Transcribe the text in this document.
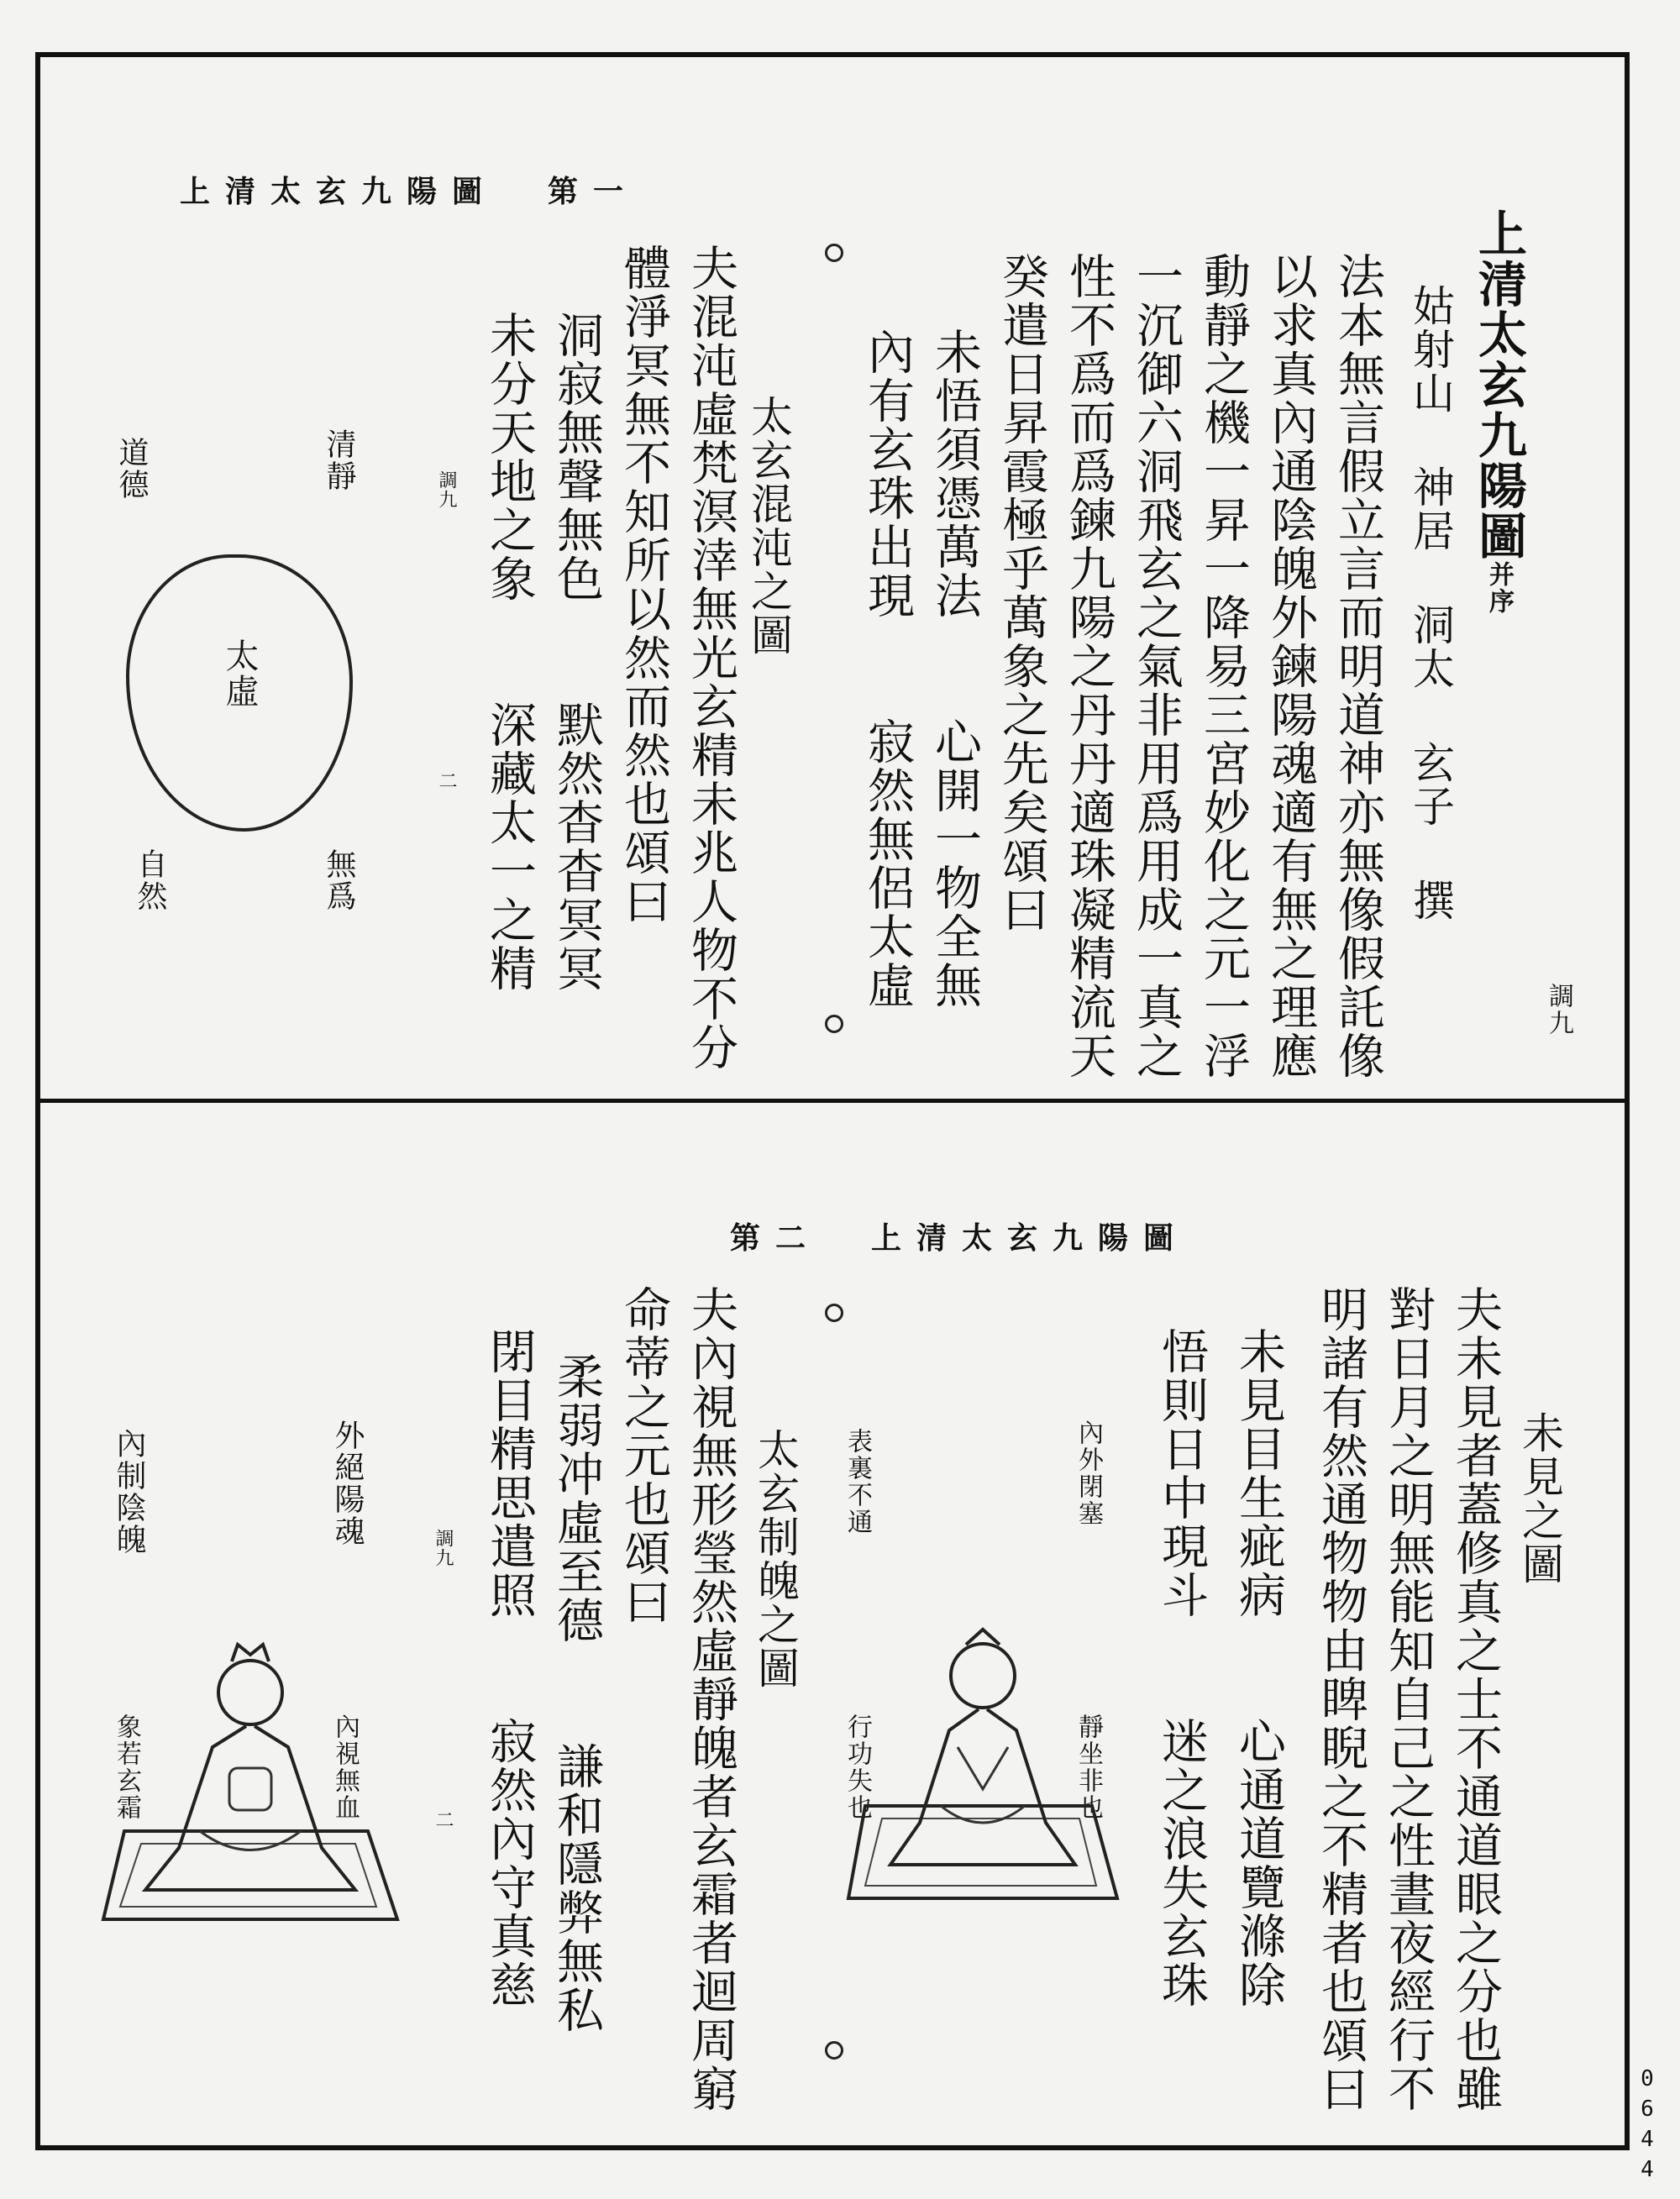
上清太玄九陽圖 第一
上清太玄九陽圖并序
姑射山 神居 洞太 玄子 撰
調九
法本無言假立言而明道神亦無像假託像
以求真內通陰魄外鍊陽魂適有無之理應
動靜之機一昇一降易三宮妙化之元一浮
一沉御六洞飛玄之氣非用爲用成一真之
性不爲而爲鍊九陽之丹丹適珠凝精流天
癸遣日昇霞極乎萬象之先矣頌曰
未悟須憑萬法　　心開一物全無
內有玄珠出現　　寂然無侶太虛
太玄混沌之圖
夫混沌虛梵溟涬無光玄精未兆人物不分
體淨冥無不知所以然而然也頌曰
洞寂無聲無色　　默然杳杳冥冥
未分天地之象　　深藏太一之精
調九
二
清靜
道德
太虛
無爲
自然
第二 上清太玄九陽圖
未見之圖
夫未見者蓋修真之士不通道眼之分也雖
對日月之明無能知自己之性晝夜經行不
明諸有然通物物由睥睨之不精者也頌曰
未見目生疵病　　心通道覽滌除
悟則日中現斗　　迷之浪失玄珠
內外閉塞
靜坐非也
表裏不通
行功失也
太玄制魄之圖
夫內視無形瑩然虛靜魄者玄霜者迴周窮
命蒂之元也頌曰
柔弱冲虛至德　　謙和隱弊無私
閉目精思遣照　　寂然內守真慈
調九
二
外絕陽魂
內視無血
內制陰魄
象若玄霜
0644
